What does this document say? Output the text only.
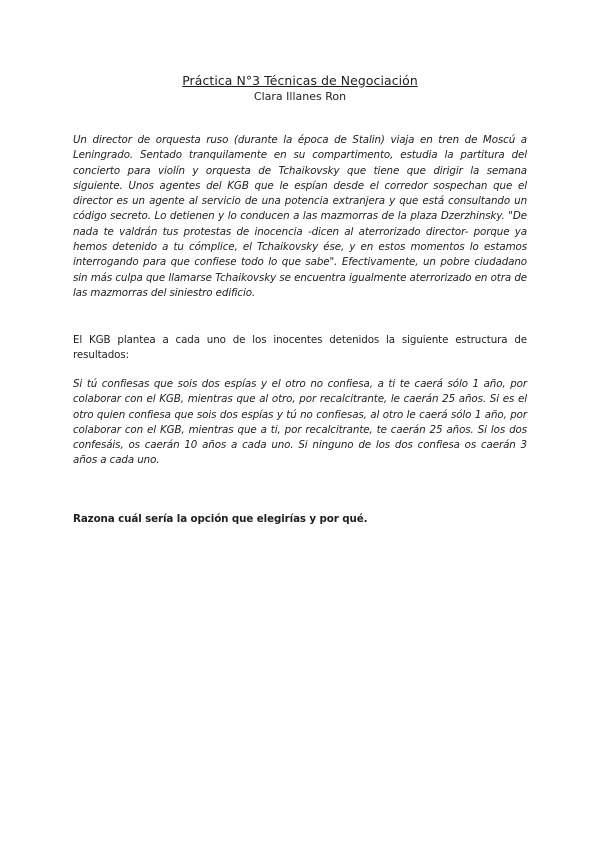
Práctica N°3 Técnicas de Negociación
Clara Illanes Ron

Un director de orquesta ruso (durante la época de Stalin) viaja en tren de Moscú a Leningrado. Sentado tranquilamente en su compartimento, estudia la partitura del concierto para violín y orquesta de Tchaikovsky que tiene que dirigir la semana siguiente. Unos agentes del KGB que le espían desde el corredor sospechan que el director es un agente al servicio de una potencia extranjera y que está consultando un código secreto. Lo detienen y lo conducen a las mazmorras de la plaza Dzerzhinsky. "De nada te valdrán tus protestas de inocencia -dicen al aterrorizado director- porque ya hemos detenido a tu cómplice, el Tchaikovsky ése, y en estos momentos lo estamos interrogando para que confiese todo lo que sabe". Efectivamente, un pobre ciudadano sin más culpa que llamarse Tchaikovsky se encuentra igualmente aterrorizado en otra de las mazmorras del siniestro edificio.

El KGB plantea a cada uno de los inocentes detenidos la siguiente estructura de resultados:

Si tú confiesas que sois dos espías y el otro no confiesa, a ti te caerá sólo 1 año, por colaborar con el KGB, mientras que al otro, por recalcitrante, le caerán 25 años. Si es el otro quien confiesa que sois dos espías y tú no confiesas, al otro le caerá sólo 1 año, por colaborar con el KGB, mientras que a ti, por recalcitrante, te caerán 25 años. Si los dos confesáis, os caerán 10 años a cada uno. Si ninguno de los dos confiesa os caerán 3 años a cada uno.

Razona cuál sería la opción que elegirías y por qué.
